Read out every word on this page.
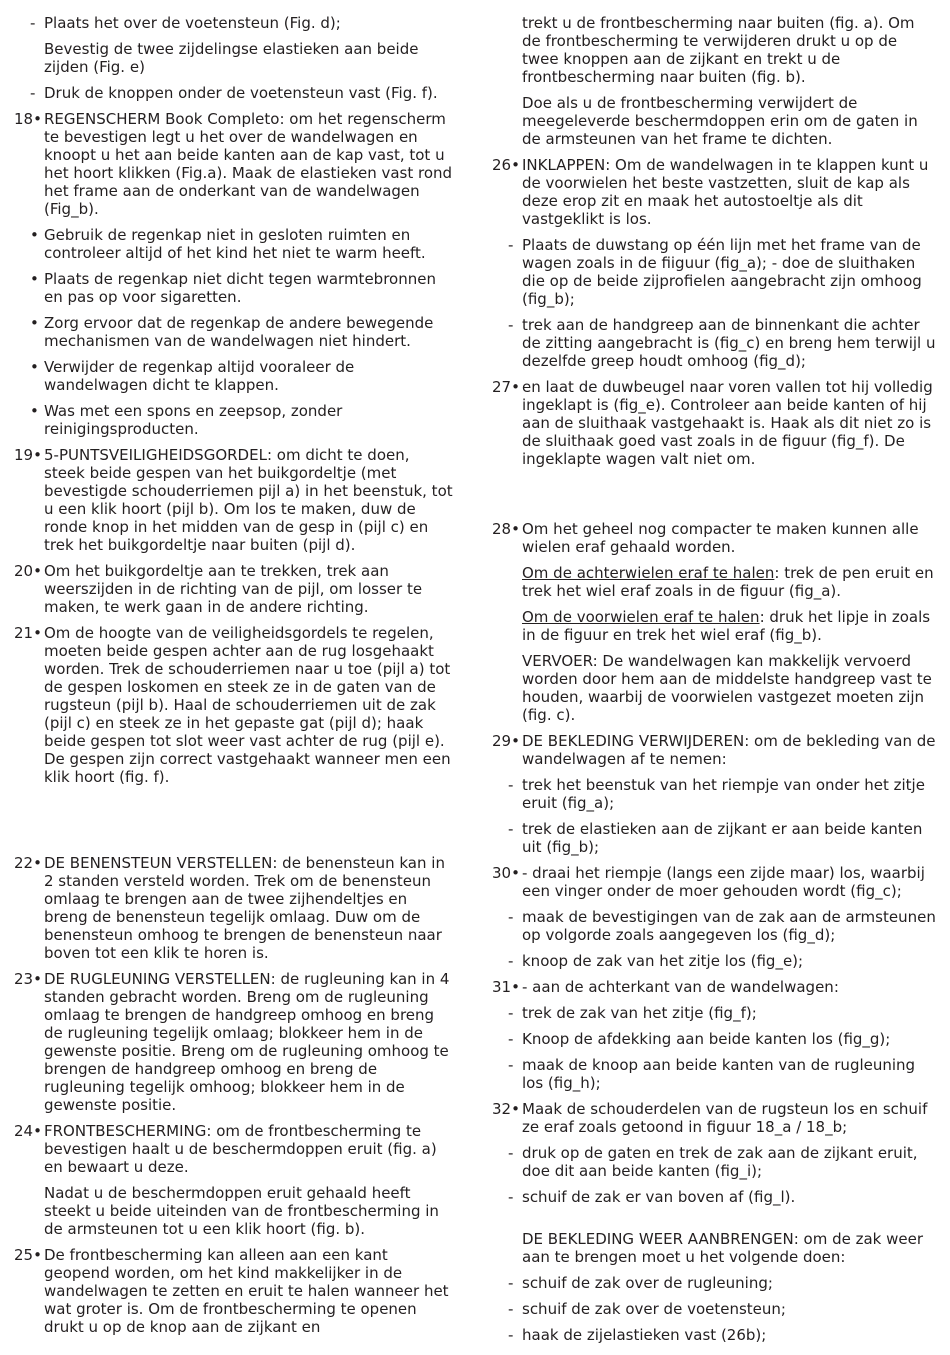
- Plaats het over de voetensteun (Fig. d);

Bevestig de twee zijdelingse elastieken aan beide zijden (Fig. e)

- Druk de knoppen onder de voetensteun vast (Fig. f).

18• REGENSCHERM Book Completo: om het regenscherm te bevestigen legt u het over de wandelwagen en knoopt u het aan beide kanten aan de kap vast, tot u het hoort klikken (Fig.a). Maak de elastieken vast rond het frame aan de onderkant van de wandelwagen (Fig_b).

• Gebruik de regenkap niet in gesloten ruimten en controleer altijd of het kind het niet te warm heeft.

• Plaats de regenkap niet dicht tegen warmtebronnen en pas op voor sigaretten.

• Zorg ervoor dat de regenkap de andere bewegende mechanismen van de wandelwagen niet hindert.

• Verwijder de regenkap altijd vooraleer de wandelwagen dicht te klappen.

• Was met een spons en zeepsop, zonder reinigingsproducten.

19• 5-PUNTSVEILIGHEIDSGORDEL: om dicht te doen, steek beide gespen van het buikgordeltje (met bevestigde schouderriemen pijl a) in het beenstuk, tot u een klik hoort (pijl b). Om los te maken, duw de ronde knop in het midden van de gesp in (pijl c) en trek het buikgordeltje naar buiten (pijl d).

20• Om het buikgordeltje aan te trekken, trek aan weerszijden in de richting van de pijl, om losser te maken, te werk gaan in de andere richting.

21• Om de hoogte van de veiligheidsgordels te regelen, moeten beide gespen achter aan de rug losgehaakt worden. Trek de schouderriemen naar u toe (pijl a) tot de gespen loskomen en steek ze in de gaten van de rugsteun (pijl b). Haal de schouderriemen uit de zak (pijl c) en steek ze in het gepaste gat (pijl d); haak beide gespen tot slot weer vast achter de rug (pijl e). De gespen zijn correct vastgehaakt wanneer men een klik hoort (fig. f).

22• DE BENENSTEUN VERSTELLEN: de benensteun kan in 2 standen versteld worden. Trek om de benensteun omlaag te brengen aan de twee zijhendeltjes en breng de benensteun tegelijk omlaag. Duw om de benensteun omhoog te brengen de benensteun naar boven tot een klik te horen is.

23• DE RUGLEUNING VERSTELLEN: de rugleuning kan in 4 standen gebracht worden. Breng om de rugleuning omlaag te brengen de handgreep omhoog en breng de rugleuning tegelijk omlaag; blokkeer hem in de gewenste positie. Breng om de rugleuning omhoog te brengen de handgreep omhoog en breng de rugleuning tegelijk omhoog; blokkeer hem in de gewenste positie.

24• FRONTBESCHERMING: om de frontbescherming te bevestigen haalt u de beschermdoppen eruit (fig. a) en bewaart u deze.

Nadat u de beschermdoppen eruit gehaald heeft steekt u beide uiteinden van de frontbescherming in de armsteunen tot u een klik hoort (fig. b).

25• De frontbescherming kan alleen aan een kant geopend worden, om het kind makkelijker in de wandelwagen te zetten en eruit te halen wanneer het wat groter is. Om de frontbescherming te openen drukt u op de knop aan de zijkant en

trekt u de frontbescherming naar buiten (fig. a). Om de frontbescherming te verwijderen drukt u op de twee knoppen aan de zijkant en trekt u de frontbescherming naar buiten (fig. b).

Doe als u de frontbescherming verwijdert de meegeleverde beschermdoppen erin om de gaten in de armsteunen van het frame te dichten.

26• INKLAPPEN: Om de wandelwagen in te klappen kunt u de voorwielen het beste vastzetten, sluit de kap als deze erop zit en maak het autostoeltje als dit vastgeklikt is los.

- Plaats de duwstang op één lijn met het frame van de wagen zoals in de fiiguur (fig_a); - doe de sluithaken die op de beide zijprofielen aangebracht zijn omhoog (fig_b);

- trek aan de handgreep aan de binnenkant die achter de zitting aangebracht is (fig_c) en breng hem terwijl u dezelfde greep houdt omhoog (fig_d);

27• en laat de duwbeugel naar voren vallen tot hij volledig ingeklapt is (fig_e). Controleer aan beide kanten of hij aan de sluithaak vastgehaakt is. Haak als dit niet zo is de sluithaak goed vast zoals in de figuur (fig_f). De ingeklapte wagen valt niet om.

28• Om het geheel nog compacter te maken kunnen alle wielen eraf gehaald worden.

Om de achterwielen eraf te halen: trek de pen eruit en trek het wiel eraf zoals in de figuur (fig_a).

Om de voorwielen eraf te halen: druk het lipje in zoals in de figuur en trek het wiel eraf (fig_b).

VERVOER: De wandelwagen kan makkelijk vervoerd worden door hem aan de middelste handgreep vast te houden, waarbij de voorwielen vastgezet moeten zijn (fig. c).

29• DE BEKLEDING VERWIJDEREN: om de bekleding van de wandelwagen af te nemen:

- trek het beenstuk van het riempje van onder het zitje eruit (fig_a);

- trek de elastieken aan de zijkant er aan beide kanten uit (fig_b);

30• - draai het riempje (langs een zijde maar) los, waarbij een vinger onder de moer gehouden wordt (fig_c);

- maak de bevestigingen van de zak aan de armsteunen op volgorde zoals aangegeven los (fig_d);

- knoop de zak van het zitje los (fig_e);

31• - aan de achterkant van de wandelwagen:

- trek de zak van het zitje (fig_f);

- Knoop de afdekking aan beide kanten los (fig_g);

- maak de knoop aan beide kanten van de rugleuning los (fig_h);

32• Maak de schouderdelen van de rugsteun los en schuif ze eraf zoals getoond in figuur 18_a / 18_b;

- druk op de gaten en trek de zak aan de zijkant eruit, doe dit aan beide kanten (fig_i);

- schuif de zak er van boven af (fig_l).

DE BEKLEDING WEER AANBRENGEN: om de zak weer aan te brengen moet u het volgende doen:

- schuif de zak over de rugleuning;

- schuif de zak over de voetensteun;

- haak de zijelastieken vast (26b);
